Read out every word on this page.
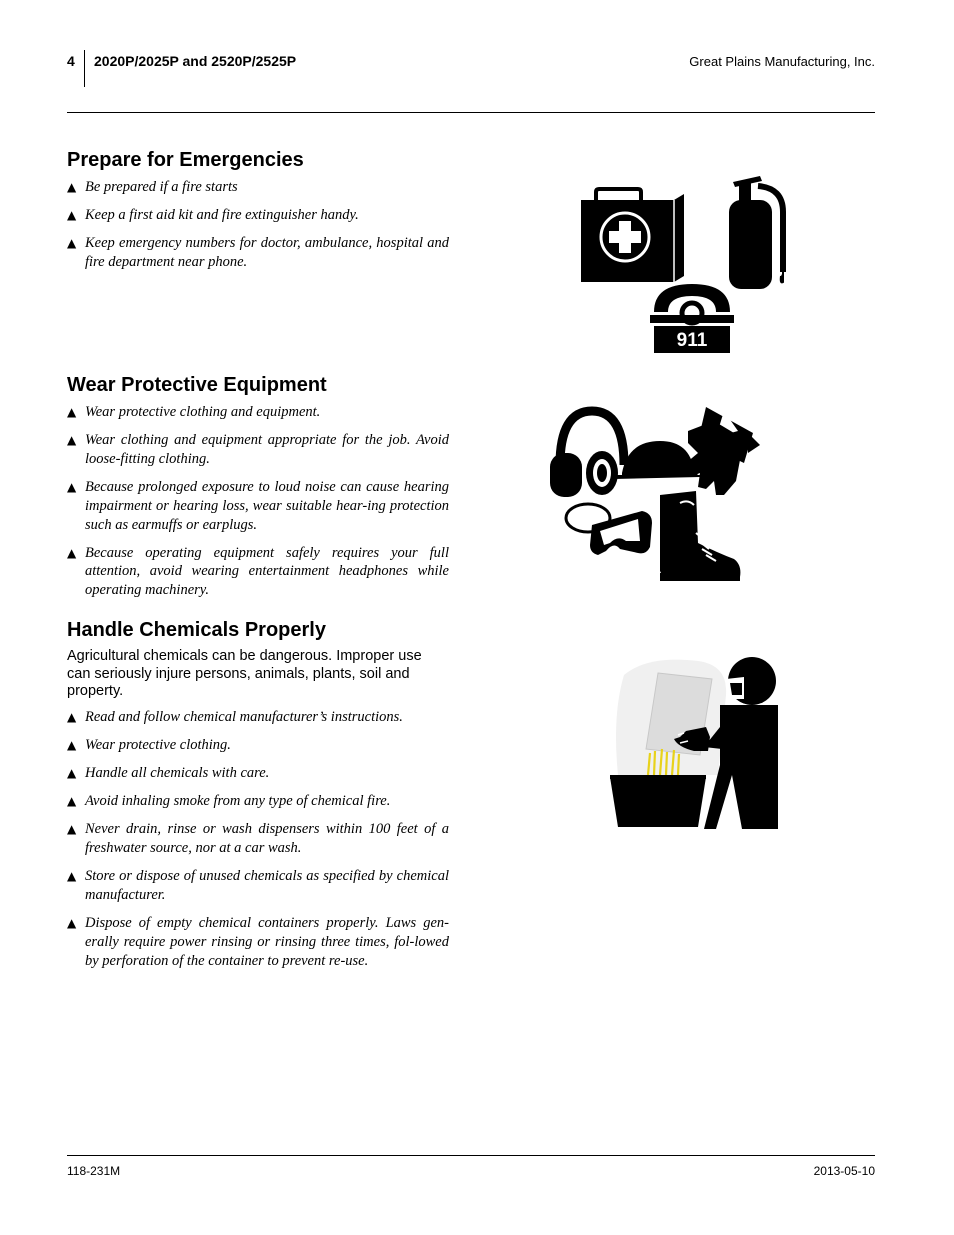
4 2020P/2025P and 2520P/2525P	Great Plains Manufacturing, Inc.
Prepare for Emergencies
▲ Be prepared if a fire starts
▲ Keep a first aid kit and fire extinguisher handy.
▲ Keep emergency numbers for doctor, ambulance, hospital and fire department near phone.
911
Wear Protective Equipment
▲ Wear protective clothing and equipment.
▲ Wear clothing and equipment appropriate for the job. Avoid loose-fitting clothing.
▲ Because prolonged exposure to loud noise can cause hearing impairment or hearing loss, wear suitable hear-ing protection such as earmuffs or earplugs.
▲ Because operating equipment safely requires your full attention, avoid wearing entertainment headphones while operating machinery.
Handle Chemicals Properly

Agricultural chemicals can be dangerous. Improper use can seriously injure persons, animals, plants, soil and property.

▲ Read and follow chemical manufacturer’s instructions.
▲ Wear protective clothing.
▲ Handle all chemicals with care.
▲ Avoid inhaling smoke from any type of chemical fire.
▲ Never drain, rinse or wash dispensers within 100 feet of a freshwater source, nor at a car wash.
▲ Store or dispose of unused chemicals as specified by chemical manufacturer.
▲ Dispose of empty chemical containers properly. Laws gen-erally require power rinsing or rinsing three times, fol-lowed by perforation of the container to prevent re-use.
118-231M	2013-05-10
